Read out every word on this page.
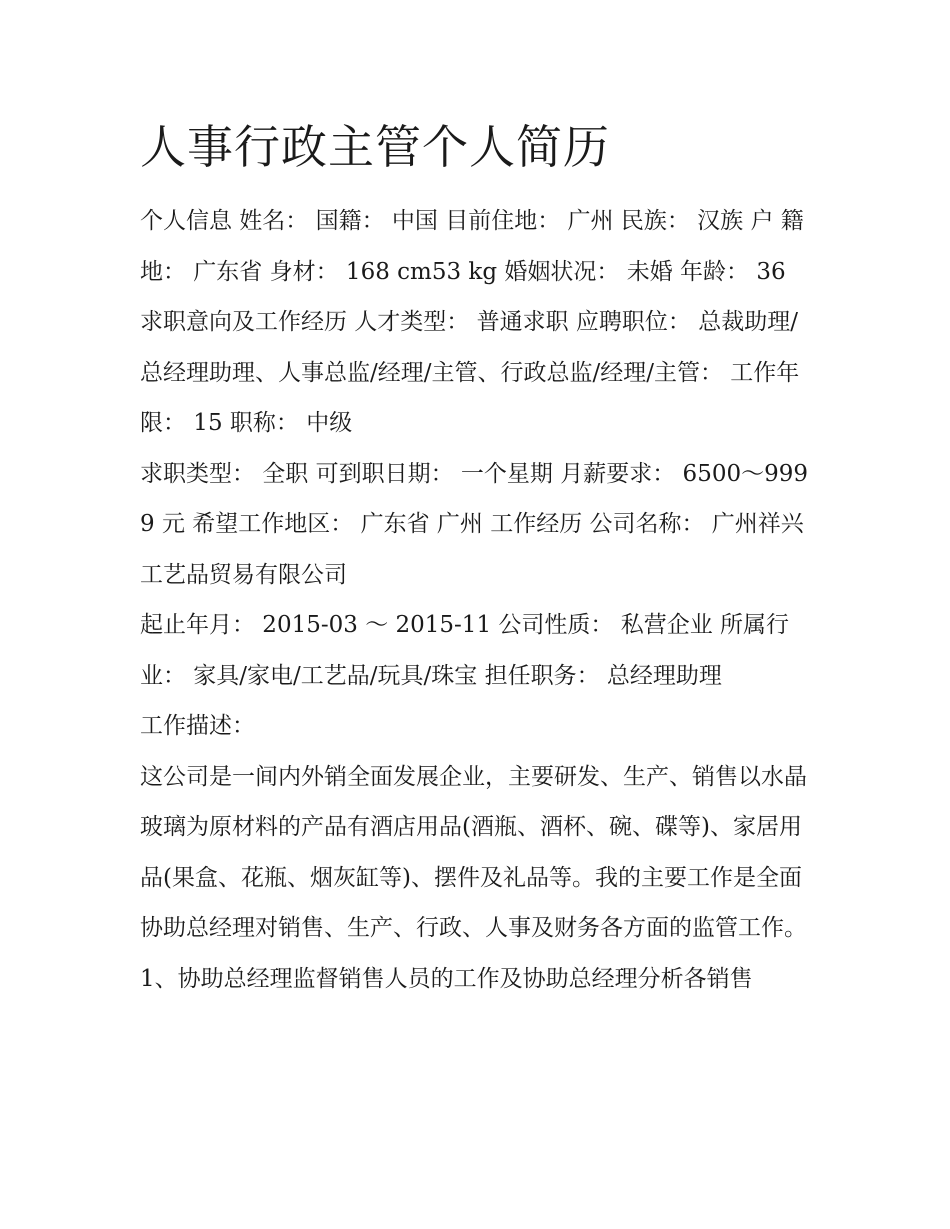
人事行政主管个人简历

个人信息 姓名： 国籍： 中国 目前住地： 广州 民族： 汉族 户 籍 地： 广东省 身材： 168 cm53 kg 婚姻状况： 未婚 年龄： 36

求职意向及工作经历 人才类型： 普通求职 应聘职位： 总裁助理/总经理助理、人事总监/经理/主管、行政总监/经理/主管： 工作年限： 15 职称： 中级

求职类型： 全职 可到职日期： 一个星期 月薪要求： 6500～9999 元 希望工作地区： 广东省 广州 工作经历 公司名称： 广州祥兴工艺品贸易有限公司

起止年月： 2015-03 ～ 2015-11 公司性质： 私营企业 所属行业： 家具/家电/工艺品/玩具/珠宝 担任职务： 总经理助理

工作描述：

这公司是一间内外销全面发展企业，主要研发、生产、销售以水晶玻璃为原材料的产品有酒店用品(酒瓶、酒杯、碗、碟等)、家居用品(果盒、花瓶、烟灰缸等)、摆件及礼品等。我的主要工作是全面协助总经理对销售、生产、行政、人事及财务各方面的监管工作。

1、协助总经理监督销售人员的工作及协助总经理分析各销售
